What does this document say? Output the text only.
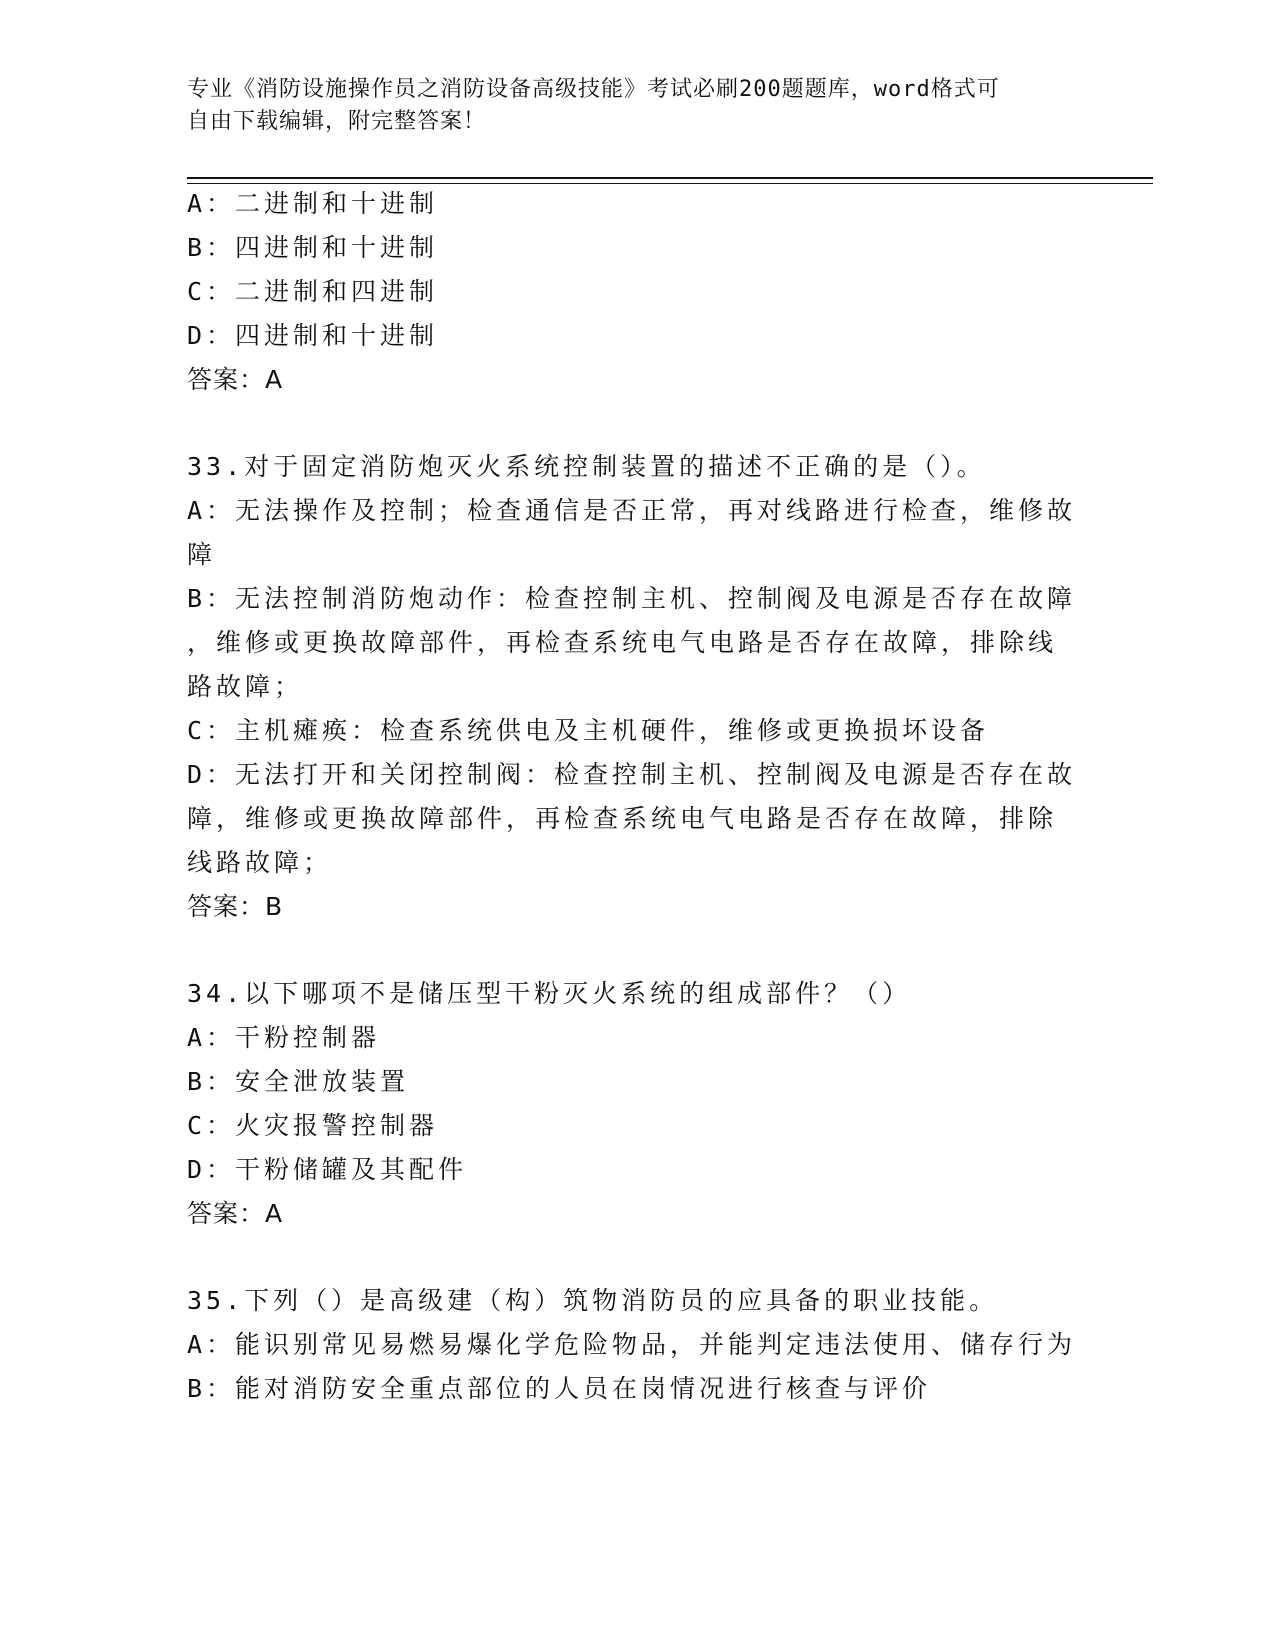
专业《消防设施操作员之消防设备高级技能》考试必刷200题题库，word格式可
自由下载编辑，附完整答案！
A：二进制和十进制
B：四进制和十进制
C：二进制和四进制
D：四进制和十进制
答案：A
33.对于固定消防炮灭火系统控制装置的描述不正确的是（）。
A：无法操作及控制；检查通信是否正常，再对线路进行检查，维修故
障
B：无法控制消防炮动作：检查控制主机、控制阀及电源是否存在故障
，维修或更换故障部件，再检查系统电气电路是否存在故障，排除线
路故障；
C：主机瘫痪：检查系统供电及主机硬件，维修或更换损坏设备
D：无法打开和关闭控制阀：检查控制主机、控制阀及电源是否存在故
障，维修或更换故障部件，再检查系统电气电路是否存在故障，排除
线路故障；
答案：B
34.以下哪项不是储压型干粉灭火系统的组成部件？（）
A：干粉控制器
B：安全泄放装置
C：火灾报警控制器
D：干粉储罐及其配件
答案：A
35.下列（）是高级建（构）筑物消防员的应具备的职业技能。
A：能识别常见易燃易爆化学危险物品，并能判定违法使用、储存行为
B：能对消防安全重点部位的人员在岗情况进行核查与评价
